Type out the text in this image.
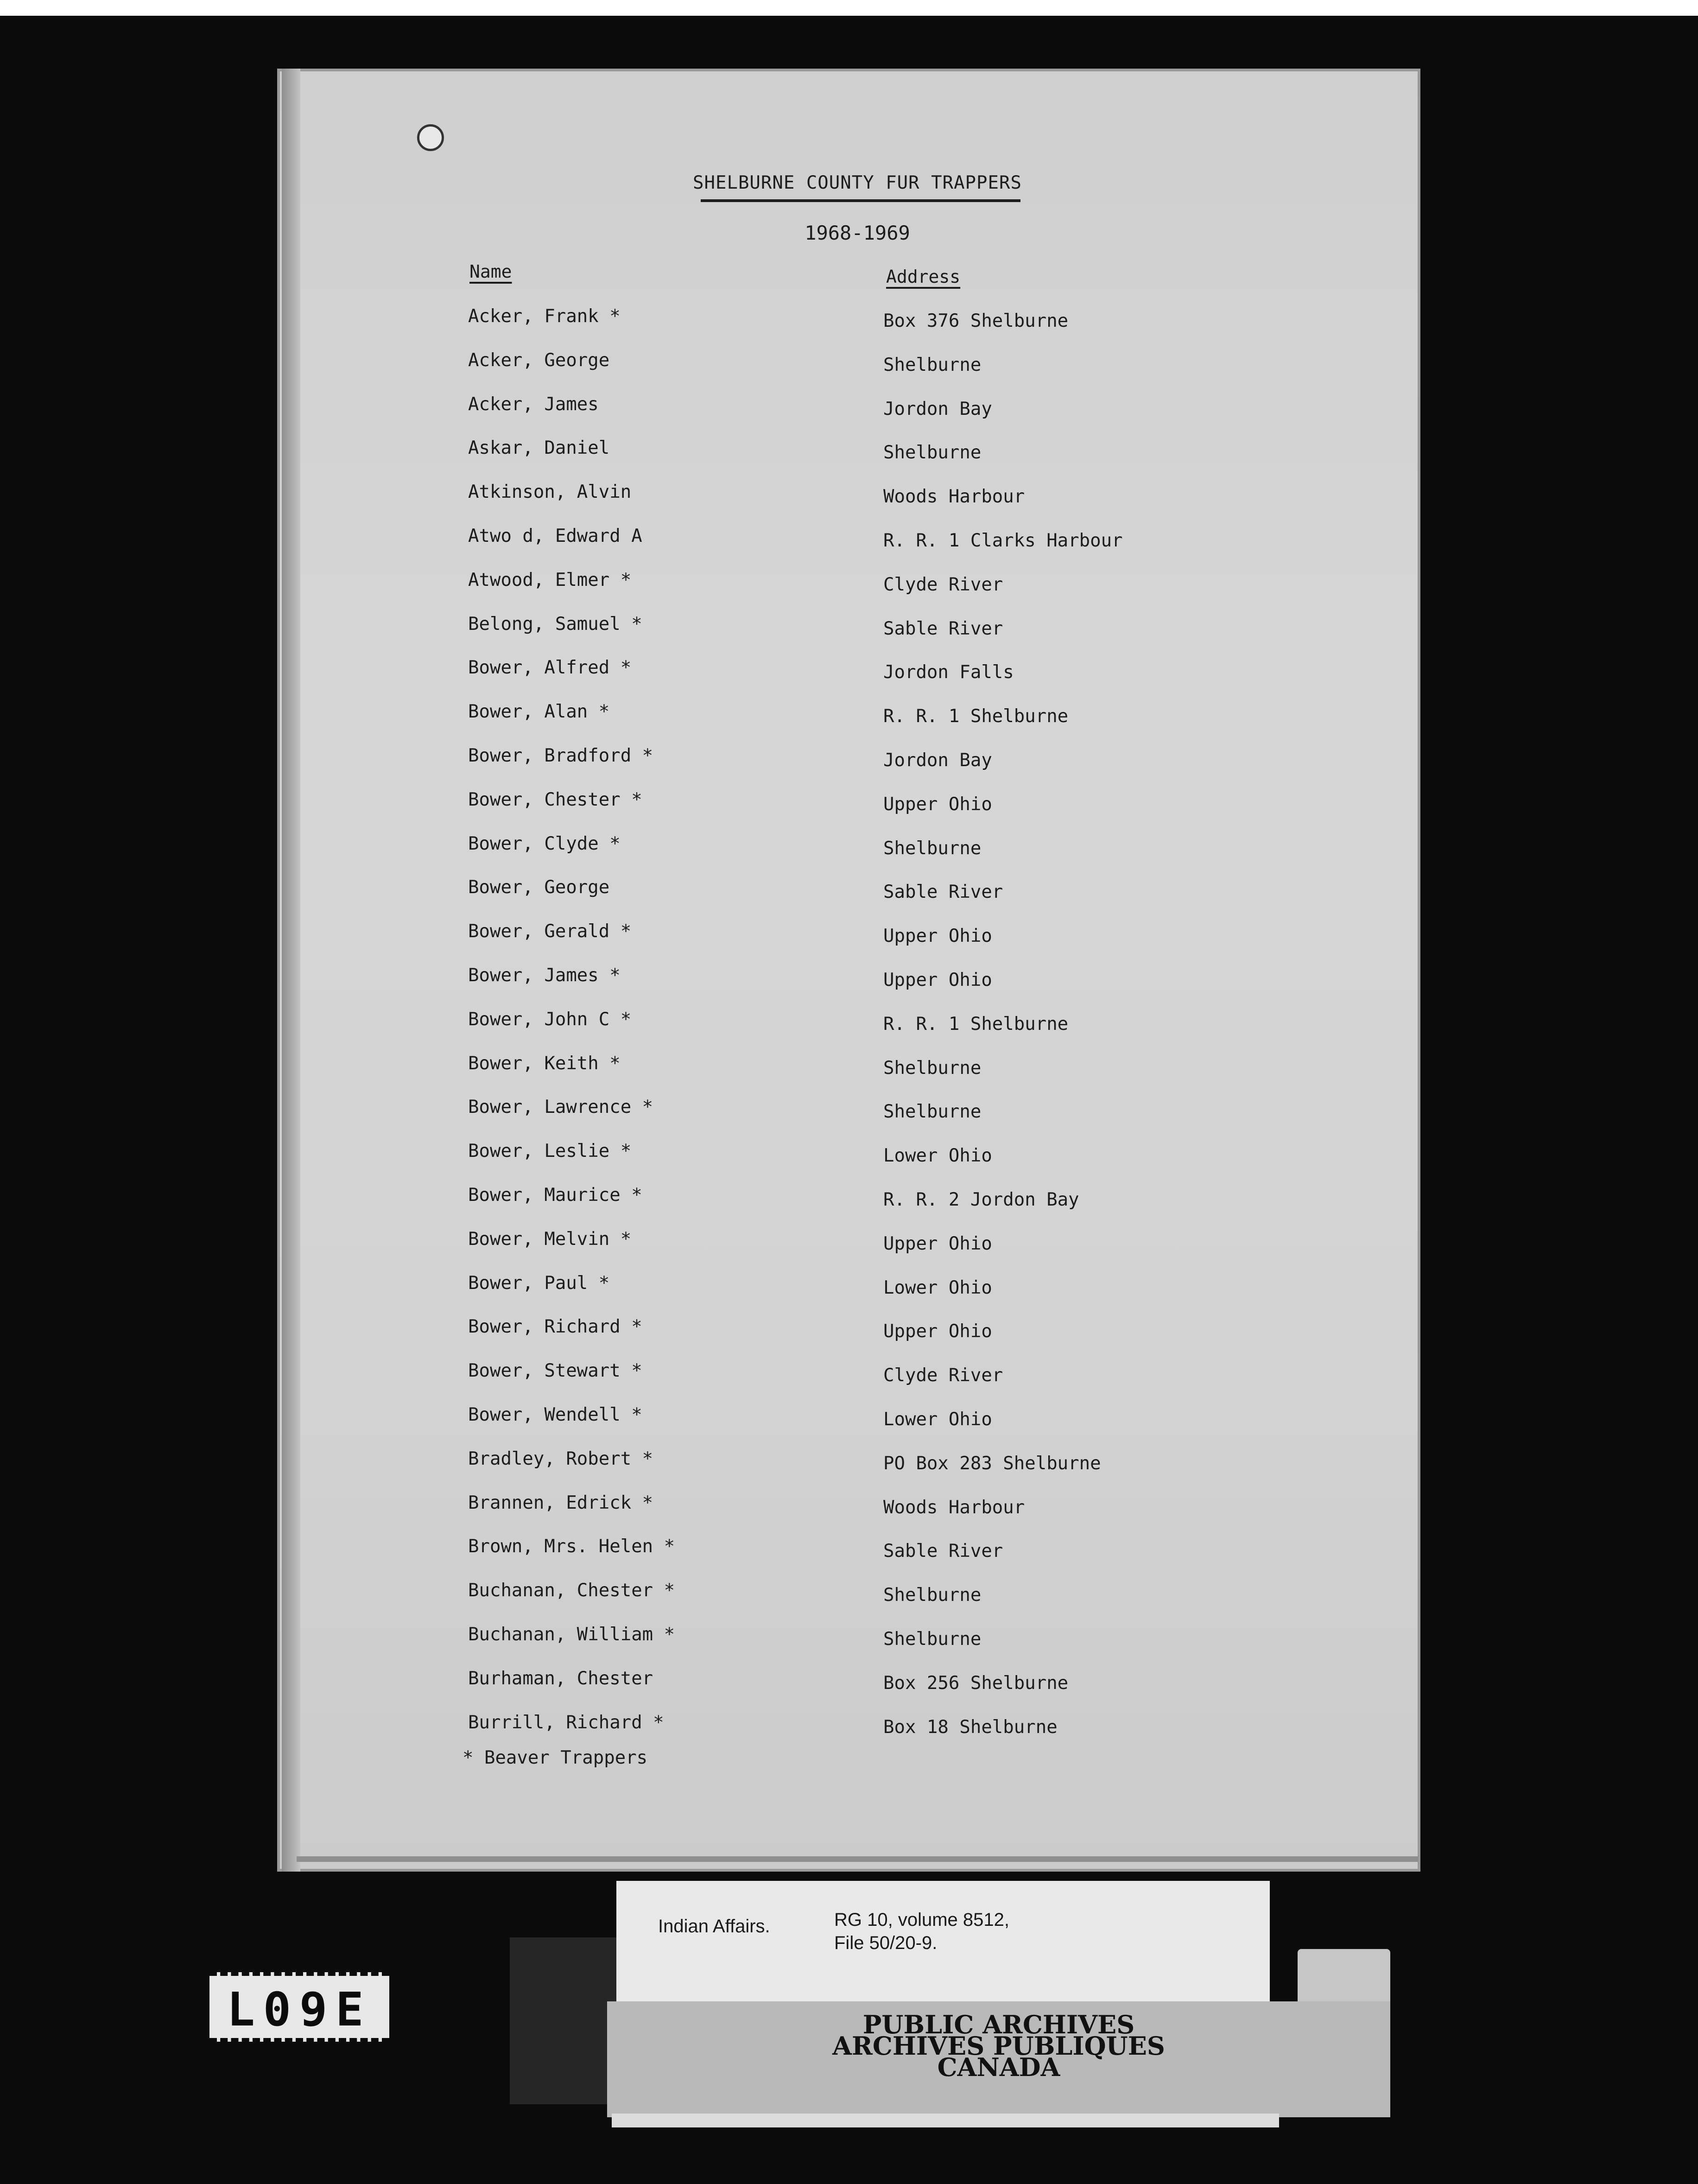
SHELBURNE COUNTY FUR TRAPPERS
1968-1969
Name	Address
Acker, Frank *	Box 376 Shelburne
Acker, George	Shelburne
Acker, James	Jordon Bay
Askar, Daniel	Shelburne
Atkinson, Alvin	Woods Harbour
Atwo d, Edward A	R. R. 1 Clarks Harbour
Atwood, Elmer *	Clyde River
Belong, Samuel *	Sable River
Bower, Alfred *	Jordon Falls
Bower, Alan *	R. R. 1 Shelburne
Bower, Bradford *	Jordon Bay
Bower, Chester *	Upper Ohio
Bower, Clyde *	Shelburne
Bower, George	Sable River
Bower, Gerald *	Upper Ohio
Bower, James *	Upper Ohio
Bower, John C *	R. R. 1 Shelburne
Bower, Keith *	Shelburne
Bower, Lawrence *	Shelburne
Bower, Leslie *	Lower Ohio
Bower, Maurice *	R. R. 2 Jordon Bay
Bower, Melvin *	Upper Ohio
Bower, Paul *	Lower Ohio
Bower, Richard *	Upper Ohio
Bower, Stewart *	Clyde River
Bower, Wendell *	Lower Ohio
Bradley, Robert *	PO Box 283 Shelburne
Brannen, Edrick *	Woods Harbour
Brown, Mrs. Helen *	Sable River
Buchanan, Chester *	Shelburne
Buchanan, William *	Shelburne
Burhaman, Chester	Box 256 Shelburne
Burrill, Richard *	Box 18 Shelburne
* Beaver Trappers
Indian Affairs.	RG 10, volume 8512,
File 50/20-9.
PUBLIC ARCHIVES
ARCHIVES PUBLIQUES
CANADA
L09E
